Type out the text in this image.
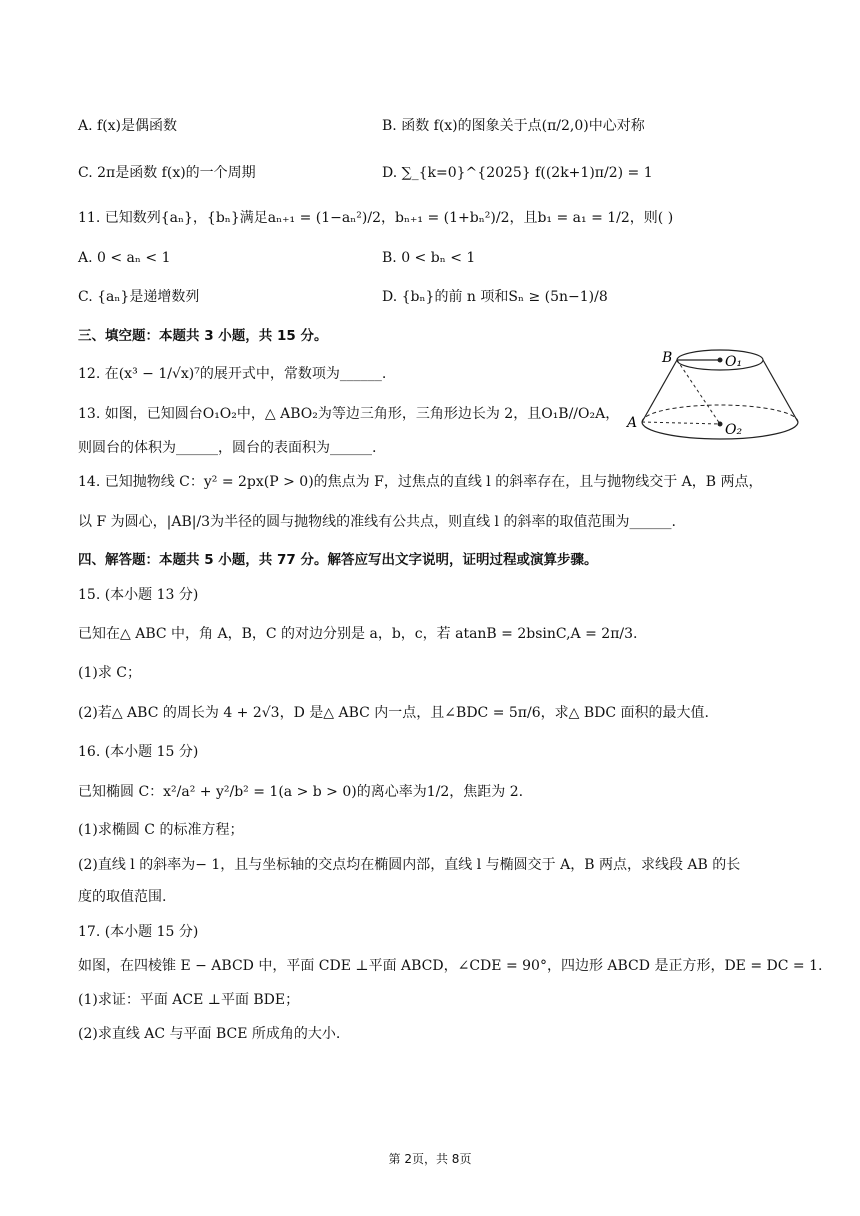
A. f(x)是偶函数	B. 函数 f(x)的图象关于点(π/2,0)中心对称
C. 2π是函数 f(x)的一个周期	D. ∑_{k=0}^{2025} f((2k+1)π/2) = 1
11. 已知数列{aₙ}，{bₙ}满足aₙ₊₁ = (1−aₙ²)/2，bₙ₊₁ = (1+bₙ²)/2，且b₁ = a₁ = 1/2，则( )
A. 0 < aₙ < 1	B. 0 < bₙ < 1
C. {aₙ}是递增数列	D. {bₙ}的前 n 项和Sₙ ≥ (5n−1)/8
三、填空题：本题共 3 小题，共 15 分。
12. 在(x³ − 1/√x)⁷的展开式中，常数项为______.
13. 如图，已知圆台O₁O₂中，△ ABO₂为等边三角形，三角形边长为 2，且O₁B//O₂A，
则圆台的体积为______，圆台的表面积为______.
B	O₁
A	O₂
14. 已知抛物线 C：y² = 2px(P > 0)的焦点为 F，过焦点的直线 l 的斜率存在，且与抛物线交于 A，B 两点，
以 F 为圆心，|AB|/3为半径的圆与抛物线的准线有公共点，则直线 l 的斜率的取值范围为______.
四、解答题：本题共 5 小题，共 77 分。解答应写出文字说明，证明过程或演算步骤。
15. (本小题 13 分)
已知在△ ABC 中，角 A，B，C 的对边分别是 a，b，c，若 atanB = 2bsinC,A = 2π/3.
(1)求 C；
(2)若△ ABC 的周长为 4 + 2√3，D 是△ ABC 内一点，且∠BDC = 5π/6，求△ BDC 面积的最大值.
16. (本小题 15 分)
已知椭圆 C：x²/a² + y²/b² = 1(a > b > 0)的离心率为1/2，焦距为 2.
(1)求椭圆 C 的标准方程；
(2)直线 l 的斜率为− 1，且与坐标轴的交点均在椭圆内部，直线 l 与椭圆交于 A，B 两点，求线段 AB 的长
度的取值范围.
17. (本小题 15 分)
如图，在四棱锥 E − ABCD 中，平面 CDE ⊥平面 ABCD，∠CDE = 90°，四边形 ABCD 是正方形，DE = DC = 1.
(1)求证：平面 ACE ⊥平面 BDE；
(2)求直线 AC 与平面 BCE 所成角的大小.
第 2页，共 8页
